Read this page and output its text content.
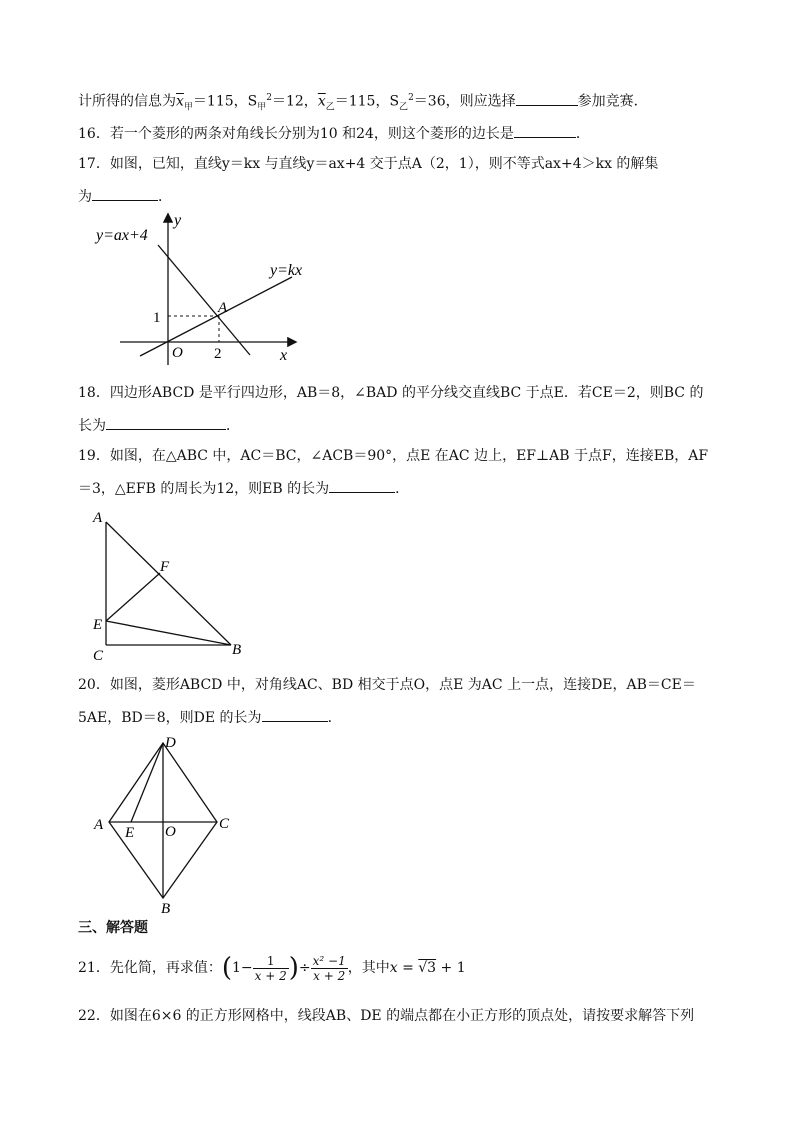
计所得的信息为$\overline{x}_甲=115$，$S_甲^2=12$，$\overline{x}_乙=115$，$S_乙^2=36$，则应选择	参加竞赛．
16．若一个菱形的两条对角线长分别为10 和24，则这个菱形的边长是	．
17．如图，已知，直线y＝kx 与直线y＝ax+4 交于点A（2，1），则不等式ax+4＞kx 的解集
为	．
y=ax+4
y=kx
y
x
O
A
1
2
18．四边形ABCD 是平行四边形，AB＝8，∠BAD 的平分线交直线BC 于点E．若CE＝2，则BC 的
长为	．
19．如图，在△ABC 中，AC＝BC，∠ACB＝90°，点E 在AC 边上，EF⊥AB 于点F，连接EB，AF
＝3，△EFB 的周长为12，则EB 的长为	．
A
F
E
C	B
20．如图，菱形ABCD 中，对角线AC、BD 相交于点O，点E 为AC 上一点，连接DE，AB＝CE＝
5AE，BD＝8，则DE 的长为	．
D
A E O	C
B
三、解答题
21．先化简，再求值：($1- \frac{1}{x + 2}$ )÷ $\frac{\text{x² −1}}{x + 2}$ ，其中x = √3 + 1
22．如图在6×6 的正方形网格中，线段AB、DE 的端点都在小正方形的顶点处，请按要求解答下列
